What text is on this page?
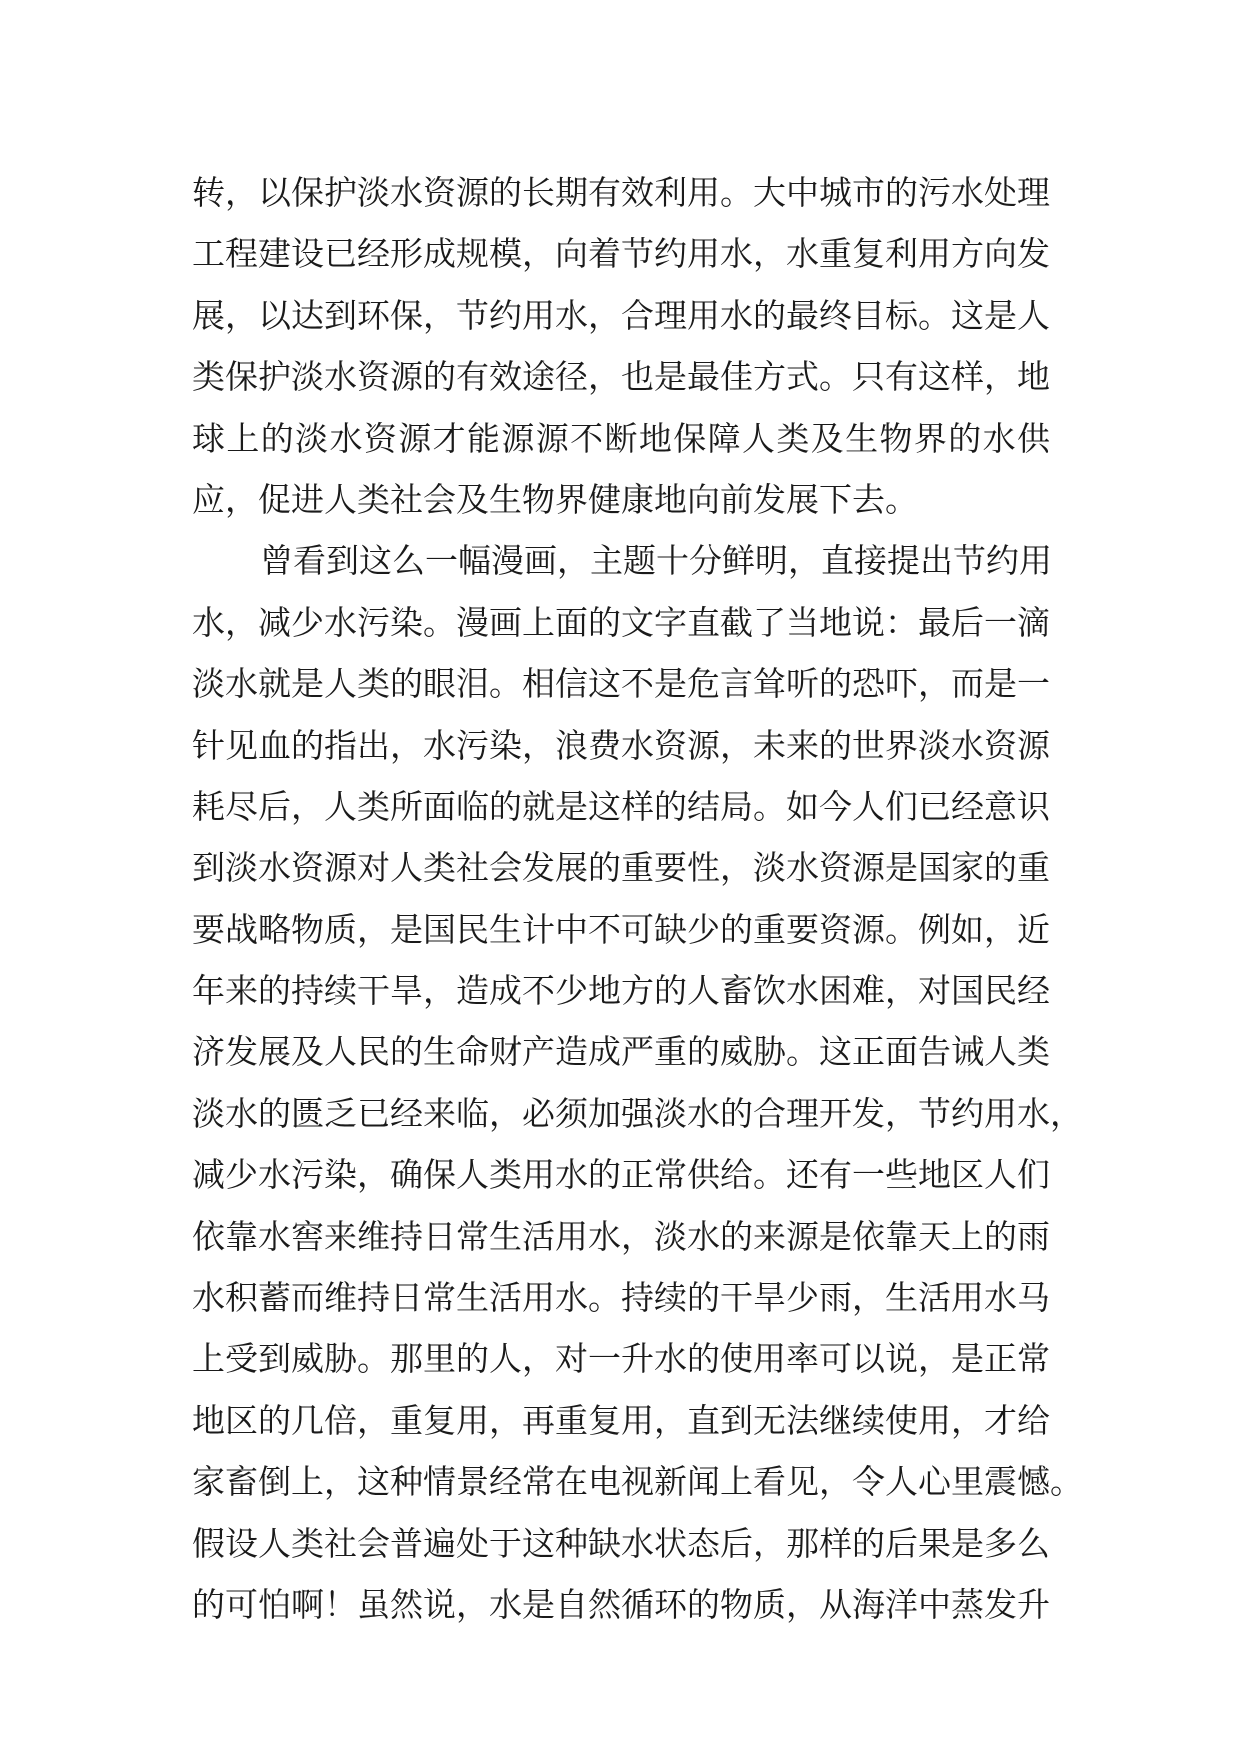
转，以保护淡水资源的长期有效利用。大中城市的污水处理
工程建设已经形成规模，向着节约用水，水重复利用方向发
展，以达到环保，节约用水，合理用水的最终目标。这是人
类保护淡水资源的有效途径，也是最佳方式。只有这样，地
球上的淡水资源才能源源不断地保障人类及生物界的水供
应，促进人类社会及生物界健康地向前发展下去。
曾看到这么一幅漫画，主题十分鲜明，直接提出节约用
水，减少水污染。漫画上面的文字直截了当地说：最后一滴
淡水就是人类的眼泪。相信这不是危言耸听的恐吓，而是一
针见血的指出，水污染，浪费水资源，未来的世界淡水资源
耗尽后，人类所面临的就是这样的结局。如今人们已经意识
到淡水资源对人类社会发展的重要性，淡水资源是国家的重
要战略物质，是国民生计中不可缺少的重要资源。例如，近
年来的持续干旱，造成不少地方的人畜饮水困难，对国民经
济发展及人民的生命财产造成严重的威胁。这正面告诫人类
淡水的匮乏已经来临，必须加强淡水的合理开发，节约用水，
减少水污染，确保人类用水的正常供给。还有一些地区人们
依靠水窖来维持日常生活用水，淡水的来源是依靠天上的雨
水积蓄而维持日常生活用水。持续的干旱少雨，生活用水马
上受到威胁。那里的人，对一升水的使用率可以说，是正常
地区的几倍，重复用，再重复用，直到无法继续使用，才给
家畜倒上，这种情景经常在电视新闻上看见，令人心里震憾。
假设人类社会普遍处于这种缺水状态后，那样的后果是多么
的可怕啊！虽然说，水是自然循环的物质，从海洋中蒸发升
